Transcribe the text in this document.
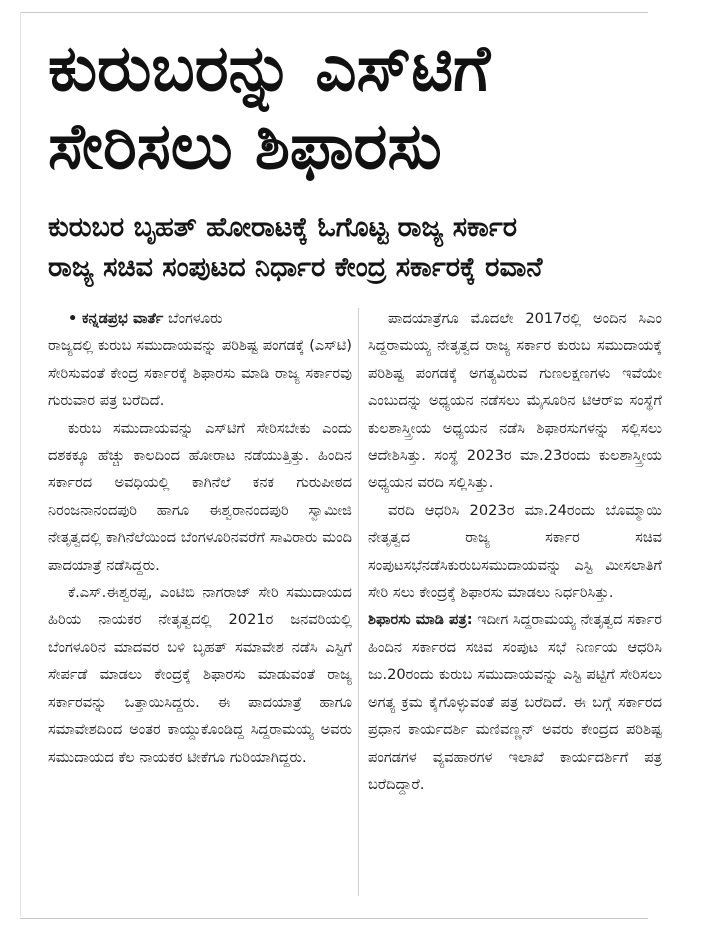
ಕುರುಬರನ್ನು ಎಸ್‌ಟಿಗೆ
ಸೇರಿಸಲು ಶಿಫಾರಸು
ಕುರುಬರ ಬೃಹತ್ ಹೋರಾಟಕ್ಕೆ ಓಗೊಟ್ಟ ರಾಜ್ಯ ಸರ್ಕಾರ
ರಾಜ್ಯ ಸಚಿವ ಸಂಪುಟದ ನಿರ್ಧಾರ ಕೇಂದ್ರ ಸರ್ಕಾರಕ್ಕೆ ರವಾನೆ

• ಕನ್ನಡಪ್ರಭ ವಾರ್ತೆ ಬೆಂಗಳೂರು

ರಾಜ್ಯದಲ್ಲಿ ಕುರುಬ ಸಮುದಾಯವನ್ನು ಪರಿಶಿಷ್ಟ ಪಂಗಡಕ್ಕೆ (ಎಸ್‌ಟಿ) ಸೇರಿಸುವಂತೆ ಕೇಂದ್ರ ಸರ್ಕಾರಕ್ಕೆ ಶಿಫಾರಸು ಮಾಡಿ ರಾಜ್ಯ ಸರ್ಕಾರವು ಗುರುವಾರ ಪತ್ರ ಬರೆದಿದೆ.

ಕುರುಬ ಸಮುದಾಯವನ್ನು ಎಸ್‌ಟಿಗೆ ಸೇರಿಸಬೇಕು ಎಂದು ದಶಕಕ್ಕೂ ಹೆಚ್ಚು ಕಾಲದಿಂದ ಹೋರಾಟ ನಡೆಯುತ್ತಿತ್ತು. ಹಿಂದಿನ ಸರ್ಕಾರದ ಅವಧಿಯಲ್ಲಿ ಕಾಗಿನೆಲೆ ಕನಕ ಗುರುಪೀಠದ ನಿರಂಜನಾನಂದಪುರಿ ಹಾಗೂ ಈಶ್ವರಾನಂದಪುರಿ ಸ್ವಾಮೀಜಿ ನೇತೃತ್ವದಲ್ಲಿ ಕಾಗಿನೆಲೆಯಿಂದ ಬೆಂಗಳೂರಿನವರೆಗೆ ಸಾವಿರಾರು ಮಂದಿ ಪಾದಯಾತ್ರೆ ನಡೆಸಿದ್ದರು.

ಕೆ.ಎಸ್.ಈಶ್ವರಪ್ಪ, ಎಂಟಿಬಿ ನಾಗರಾಜ್ ಸೇರಿ ಸಮುದಾಯದ ಹಿರಿಯ ನಾಯಕರ ನೇತೃತ್ವದಲ್ಲಿ 2021ರ ಜನವರಿಯಲ್ಲಿ ಬೆಂಗಳೂರಿನ ಮಾದವರ ಬಳಿ ಬೃಹತ್ ಸಮಾವೇಶ ನಡೆಸಿ ಎಸ್ಟಿಗೆ ಸೇರ್ಪಡೆ ಮಾಡಲು ಕೇಂದ್ರಕ್ಕೆ ಶಿಫಾರಸು ಮಾಡುವಂತೆ ರಾಜ್ಯ ಸರ್ಕಾರವನ್ನು ಒತ್ತಾಯಿಸಿದ್ದರು. ಈ ಪಾದಯಾತ್ರೆ ಹಾಗೂ ಸಮಾವೇಶದಿಂದ ಅಂತರ ಕಾಯ್ದುಕೊಂಡಿದ್ದ ಸಿದ್ದರಾಮಯ್ಯ ಅವರು ಸಮುದಾಯದ ಕೆಲ ನಾಯಕರ ಟೀಕೆಗೂ ಗುರಿಯಾಗಿದ್ದರು.

ಪಾದಯಾತ್ರೆಗೂ ಮೊದಲೇ 2017ರಲ್ಲಿ ಅಂದಿನ ಸಿಎಂ ಸಿದ್ದರಾಮಯ್ಯ ನೇತೃತ್ವದ ರಾಜ್ಯ ಸರ್ಕಾರ ಕುರುಬ ಸಮುದಾಯಕ್ಕೆ ಪರಿಶಿಷ್ಟ ಪಂಗಡಕ್ಕೆ ಅಗತ್ಯವಿರುವ ಗುಣಲಕ್ಷಣಗಳು ಇವೆಯೇ ಎಂಬುದನ್ನು ಅಧ್ಯಯನ ನಡೆಸಲು ಮೈಸೂರಿನ ಟಿಆರ್‌ಐ ಸಂಸ್ಥೆಗೆ ಕುಲಶಾಸ್ತ್ರೀಯ ಅಧ್ಯಯನ ನಡೆಸಿ ಶಿಫಾರಸುಗಳನ್ನು ಸಲ್ಲಿಸಲು ಆದೇಶಿಸಿತ್ತು. ಸಂಸ್ಥೆ 2023ರ ಮಾ.23ರಂದು ಕುಲಶಾಸ್ತ್ರೀಯ ಅಧ್ಯಯನ ವರದಿ ಸಲ್ಲಿಸಿತ್ತು.

ವರದಿ ಆಧರಿಸಿ 2023ರ ಮಾ.24ರಂದು ಬೊಮ್ಮಾಯಿ ನೇತೃತ್ವದ ರಾಜ್ಯ ಸರ್ಕಾರ ಸಚಿವ ಸಂಪುಟಸಭೆನಡೆಸಿಕುರುಬಸಮುದಾಯವನ್ನು ಎಸ್ಟಿ ಮೀಸಲಾತಿಗೆ ಸೇರಿ ಸಲು ಕೇಂದ್ರಕ್ಕೆ ಶಿಫಾರಸು ಮಾಡಲು ನಿರ್ಧರಿಸಿತ್ತು.

ಶಿಫಾರಸು ಮಾಡಿ ಪತ್ರ: ಇದೀಗ ಸಿದ್ದರಾಮಯ್ಯ ನೇತೃತ್ವದ ಸರ್ಕಾರ ಹಿಂದಿನ ಸರ್ಕಾರದ ಸಚಿವ ಸಂಪುಟ ಸಭೆ ನಿರ್ಣಯ ಆಧರಿಸಿ ಜು.20ರಂದು ಕುರುಬ ಸಮುದಾಯವನ್ನು ಎಸ್ಟಿ ಪಟ್ಟಿಗೆ ಸೇರಿಸಲು ಅಗತ್ಯ ಕ್ರಮ ಕೈಗೊಳ್ಳುವಂತೆ ಪತ್ರ ಬರೆದಿದೆ. ಈ ಬಗ್ಗೆ ಸರ್ಕಾರದ ಪ್ರಧಾನ ಕಾರ್ಯದರ್ಶಿ ಮಣಿವಣ್ಣನ್ ಅವರು ಕೇಂದ್ರದ ಪರಿಶಿಷ್ಟ ಪಂಗಡಗಳ ವ್ಯವಹಾರಗಳ ಇಲಾಖೆ ಕಾರ್ಯದರ್ಶಿಗೆ ಪತ್ರ ಬರೆದಿದ್ದಾರೆ.
